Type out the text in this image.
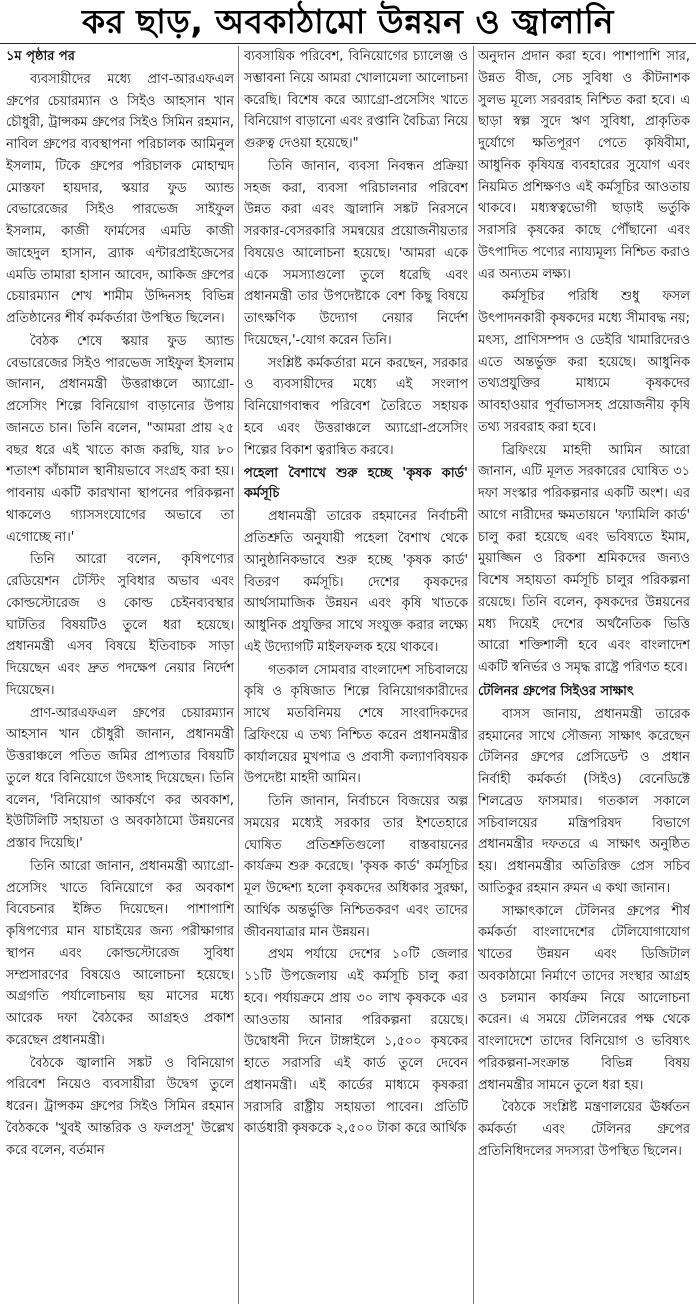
কর ছাড়, অবকাঠামো উন্নয়ন ও জ্বালানি

১ম পৃষ্ঠার পর

ব্যবসায়ীদের মধ্যে প্রাণ-আরএফএল গ্রুপের চেয়ারম্যান ও সিইও আহসান খান চৌধুরী, ট্রান্সকম গ্রুপের সিইও সিমিন রহমান, নাবিল গ্রুপের ব্যবস্থাপনা পরিচালক আমিনুল ইসলাম, টিকে গ্রুপের পরিচালক মোহাম্মদ মোস্তফা হায়দার, স্কয়ার ফুড অ্যান্ড বেভারেজের সিইও পারভেজ সাইফুল ইসলাম, কাজী ফার্মসের এমডি কাজী জাহেদুল হাসান, ব্র্যাক এন্টারপ্রাইজেসের এমডি তামারা হাসান আবেদ, আকিজ গ্রুপের চেয়ারম্যান শেখ শামীম উদ্দিনসহ বিভিন্ন প্রতিষ্ঠানের শীর্ষ কর্মকর্তারা উপস্থিত ছিলেন।

বৈঠক শেষে স্কয়ার ফুড অ্যান্ড বেভারেজের সিইও পারভেজ সাইফুল ইসলাম জানান, প্রধানমন্ত্রী উত্তরাঞ্চলে অ্যাগ্রো-প্রসেসিং শিল্পে বিনিয়োগ বাড়ানোর উপায় জানতে চান। তিনি বলেন, "আমরা প্রায় ২৫ বছর ধরে এই খাতে কাজ করছি, যার ৮০ শতাংশ কাঁচামাল স্থানীয়ভাবে সংগ্রহ করা হয়। পাবনায় একটি কারখানা স্থাপনের পরিকল্পনা থাকলেও গ্যাসসংযোগের অভাবে তা এগোচ্ছে না।'

তিনি আরো বলেন, কৃষিপণ্যের রেডিয়েশন টেস্টিং সুবিধার অভাব এবং কোল্ডস্টোরেজ ও কোল্ড চেইনব্যবস্থার ঘাটতির বিষয়টিও তুলে ধরা হয়েছে। প্রধানমন্ত্রী এসব বিষয়ে ইতিবাচক সাড়া দিয়েছেন এবং দ্রুত পদক্ষেপ নেয়ার নির্দেশ দিয়েছেন।

প্রাণ-আরএফএল গ্রুপের চেয়ারম্যান আহসান খান চৌধুরী জানান, প্রধানমন্ত্রী উত্তরাঞ্চলে পতিত জমির প্রাপ্যতার বিষয়টি তুলে ধরে বিনিয়োগে উৎসাহ দিয়েছেন। তিনি বলেন, 'বিনিয়োগ আকর্ষণে কর অবকাশ, ইউটিলিটি সহায়তা ও অবকাঠামো উন্নয়নের প্রস্তাব দিয়েছি।'

তিনি আরো জানান, প্রধানমন্ত্রী অ্যাগ্রো-প্রসেসিং খাতে বিনিয়োগে কর অবকাশ বিবেচনার ইঙ্গিত দিয়েছেন। পাশাপাশি কৃষিপণ্যের মান যাচাইয়ের জন্য পরীক্ষাগার স্থাপন এবং কোল্ডস্টোরেজ সুবিধা সম্প্রসারণের বিষয়েও আলোচনা হয়েছে। অগ্রগতি পর্যালোচনায় ছয় মাসের মধ্যে আরেক দফা বৈঠকের আগ্রহও প্রকাশ করেছেন প্রধানমন্ত্রী।

বৈঠকে জ্বালানি সঙ্কট ও বিনিয়োগ পরিবেশ নিয়েও ব্যবসায়ীরা উদ্বেগ তুলে ধরেন। ট্রান্সকম গ্রুপের সিইও সিমিন রহমান বৈঠককে 'খুবই আন্তরিক ও ফলপ্রসূ' উল্লেখ করে বলেন, বর্তমান

ব্যবসায়িক পরিবেশ, বিনিয়োগের চ্যালেঞ্জ ও সম্ভাবনা নিয়ে আমরা খোলামেলা আলোচনা করেছি। বিশেষ করে অ্যাগ্রো-প্রসেসিং খাতে বিনিয়োগ বাড়ানো এবং রপ্তানি বৈচিত্র্য নিয়ে গুরুত্ব দেওয়া হয়েছে।"

তিনি জানান, ব্যবসা নিবন্ধন প্রক্রিয়া সহজ করা, ব্যবসা পরিচালনার পরিবেশ উন্নত করা এবং জ্বালানি সঙ্কট নিরসনে সরকার-বেসরকারি সমন্বয়ের প্রয়োজনীয়তার বিষয়েও আলোচনা হয়েছে। 'আমরা একে একে সমস্যাগুলো তুলে ধরেছি এবং প্রধানমন্ত্রী তার উপদেষ্টাকে বেশ কিছু বিষয়ে তাৎক্ষণিক উদ্যোগ নেয়ার নির্দেশ দিয়েছেন,'-যোগ করেন তিনি।

সংশ্লিষ্ট কর্মকর্তারা মনে করছেন, সরকার ও ব্যবসায়ীদের মধ্যে এই সংলাপ বিনিয়োগবান্ধব পরিবেশ তৈরিতে সহায়ক হবে এবং উত্তরাঞ্চলে অ্যাগ্রো-প্রসেসিং শিল্পের বিকাশ ত্বরান্বিত করবে।

পহেলা বৈশাখে শুরু হচ্ছে 'কৃষক কার্ড' কর্মসূচি

প্রধানমন্ত্রী তারেক রহমানের নির্বাচনী প্রতিশ্রুতি অনুযায়ী পহেলা বৈশাখ থেকে আনুষ্ঠানিকভাবে শুরু হচ্ছে 'কৃষক কার্ড' বিতরণ কর্মসূচি। দেশের কৃষকদের আর্থসামাজিক উন্নয়ন এবং কৃষি খাতকে আধুনিক প্রযুক্তির সাথে সংযুক্ত করার লক্ষ্যে এই উদ্যোগটি মাইলফলক হয়ে থাকবে।

গতকাল সোমবার বাংলাদেশ সচিবালয়ে কৃষি ও কৃষিজাত শিল্পে বিনিয়োগকারীদের সাথে মতবিনিময় শেষে সাংবাদিকদের ব্রিফিংয়ে এ তথ্য নিশ্চিত করেন প্রধানমন্ত্রীর কার্যালয়ের মুখপাত্র ও প্রবাসী কল্যাণবিষয়ক উপদেষ্টা মাহদী আমিন।

তিনি জানান, নির্বাচনে বিজয়ের অল্প সময়ের মধ্যেই সরকার তার ইশতেহারে ঘোষিত প্রতিশ্রুতিগুলো বাস্তবায়নের কার্যক্রম শুরু করেছে। 'কৃষক কার্ড' কর্মসূচির মূল উদ্দেশ্য হলো কৃষকদের অধিকার সুরক্ষা, আর্থিক অন্তর্ভুক্তি নিশ্চিতকরণ এবং তাদের জীবনযাত্রার মান উন্নয়ন।

প্রথম পর্যায়ে দেশের ১০টি জেলার ১১টি উপজেলায় এই কর্মসূচি চালু করা হবে। পর্যায়ক্রমে প্রায় ৩০ লাখ কৃষককে এর আওতায় আনার পরিকল্পনা রয়েছে। উদ্বোধনী দিনে টাঙ্গাইলে ১,৫০০ কৃষকের হাতে সরাসরি এই কার্ড তুলে দেবেন প্রধানমন্ত্রী। এই কার্ডের মাধ্যমে কৃষকরা সরাসরি রাষ্ট্রীয় সহায়তা পাবেন। প্রতিটি কার্ডধারী কৃষককে ২,৫০০ টাকা করে আর্থিক

অনুদান প্রদান করা হবে। পাশাপাশি সার, উন্নত বীজ, সেচ সুবিধা ও কীটনাশক সুলভ মূল্যে সরবরাহ নিশ্চিত করা হবে। এ ছাড়া স্বল্প সুদে ঋণ সুবিধা, প্রাকৃতিক দুর্যোগে ক্ষতিপূরণ পেতে কৃষিবীমা, আধুনিক কৃষিযন্ত্র ব্যবহারের সুযোগ এবং নিয়মিত প্রশিক্ষণও এই কর্মসূচির আওতায় থাকবে। মধ্যস্বত্বভোগী ছাড়াই ভর্তুকি সরাসরি কৃষকের কাছে পৌঁছানো এবং উৎপাদিত পণ্যের ন্যায্যমূল্য নিশ্চিত করাও এর অন্যতম লক্ষ্য।

কর্মসূচির পরিধি শুধু ফসল উৎপাদনকারী কৃষকদের মধ্যে সীমাবদ্ধ নয়; মৎস্য, প্রাণিসম্পদ ও ডেইরি খামারিদেরও এতে অন্তর্ভুক্ত করা হয়েছে। আধুনিক তথ্যপ্রযুক্তির মাধ্যমে কৃষকদের আবহাওয়ার পূর্বাভাসসহ প্রয়োজনীয় কৃষি তথ্য সরবরাহ করা হবে।

ব্রিফিংয়ে মাহদী আমিন আরো জানান, এটি মূলত সরকারের ঘোষিত ৩১ দফা সংস্কার পরিকল্পনার একটি অংশ। এর আগে নারীদের ক্ষমতায়নে 'ফ্যামিলি কার্ড' চালু করা হয়েছে এবং ভবিষ্যতে ইমাম, মুয়াজ্জিন ও রিকশা শ্রমিকদের জন্যও বিশেষ সহায়তা কর্মসূচি চালুর পরিকল্পনা রয়েছে। তিনি বলেন, কৃষকদের উন্নয়নের মধ্য দিয়েই দেশের অর্থনৈতিক ভিত্তি আরো শক্তিশালী হবে এবং বাংলাদেশ একটি স্বনির্ভর ও সমৃদ্ধ রাষ্ট্রে পরিণত হবে।

টেলিনর গ্রুপের সিইওর সাক্ষাৎ

বাসস জানায়, প্রধানমন্ত্রী তারেক রহমানের সাথে সৌজন্য সাক্ষাৎ করেছেন টেলিনর গ্রুপের প্রেসিডেন্ট ও প্রধান নির্বাহী কর্মকর্তা (সিইও) বেনেডিক্টে শিলব্রেড ফাসমার। গতকাল সকালে সচিবালয়ের মন্ত্রিপরিষদ বিভাগে প্রধানমন্ত্রীর দফতরে এ সাক্ষাৎ অনুষ্ঠিত হয়। প্রধানমন্ত্রীর অতিরিক্ত প্রেস সচিব আতিকুর রহমান রুমন এ কথা জানান।

সাক্ষাৎকালে টেলিনর গ্রুপের শীর্ষ কর্মকর্তা বাংলাদেশের টেলিযোগাযোগ খাতের উন্নয়ন এবং ডিজিটাল অবকাঠামো নির্মাণে তাদের সংস্থার আগ্রহ ও চলমান কার্যক্রম নিয়ে আলোচনা করেন। এ সময়ে টেলিনরের পক্ষ থেকে বাংলাদেশে তাদের বিনিয়োগ ও ভবিষ্যৎ পরিকল্পনা-সংক্রান্ত বিভিন্ন বিষয় প্রধানমন্ত্রীর সামনে তুলে ধরা হয়।

বৈঠকে সংশ্লিষ্ট মন্ত্রণালয়ের ঊর্ধ্বতন কর্মকর্তা এবং টেলিনর গ্রুপের প্রতিনিধিদলের সদস্যরা উপস্থিত ছিলেন।
